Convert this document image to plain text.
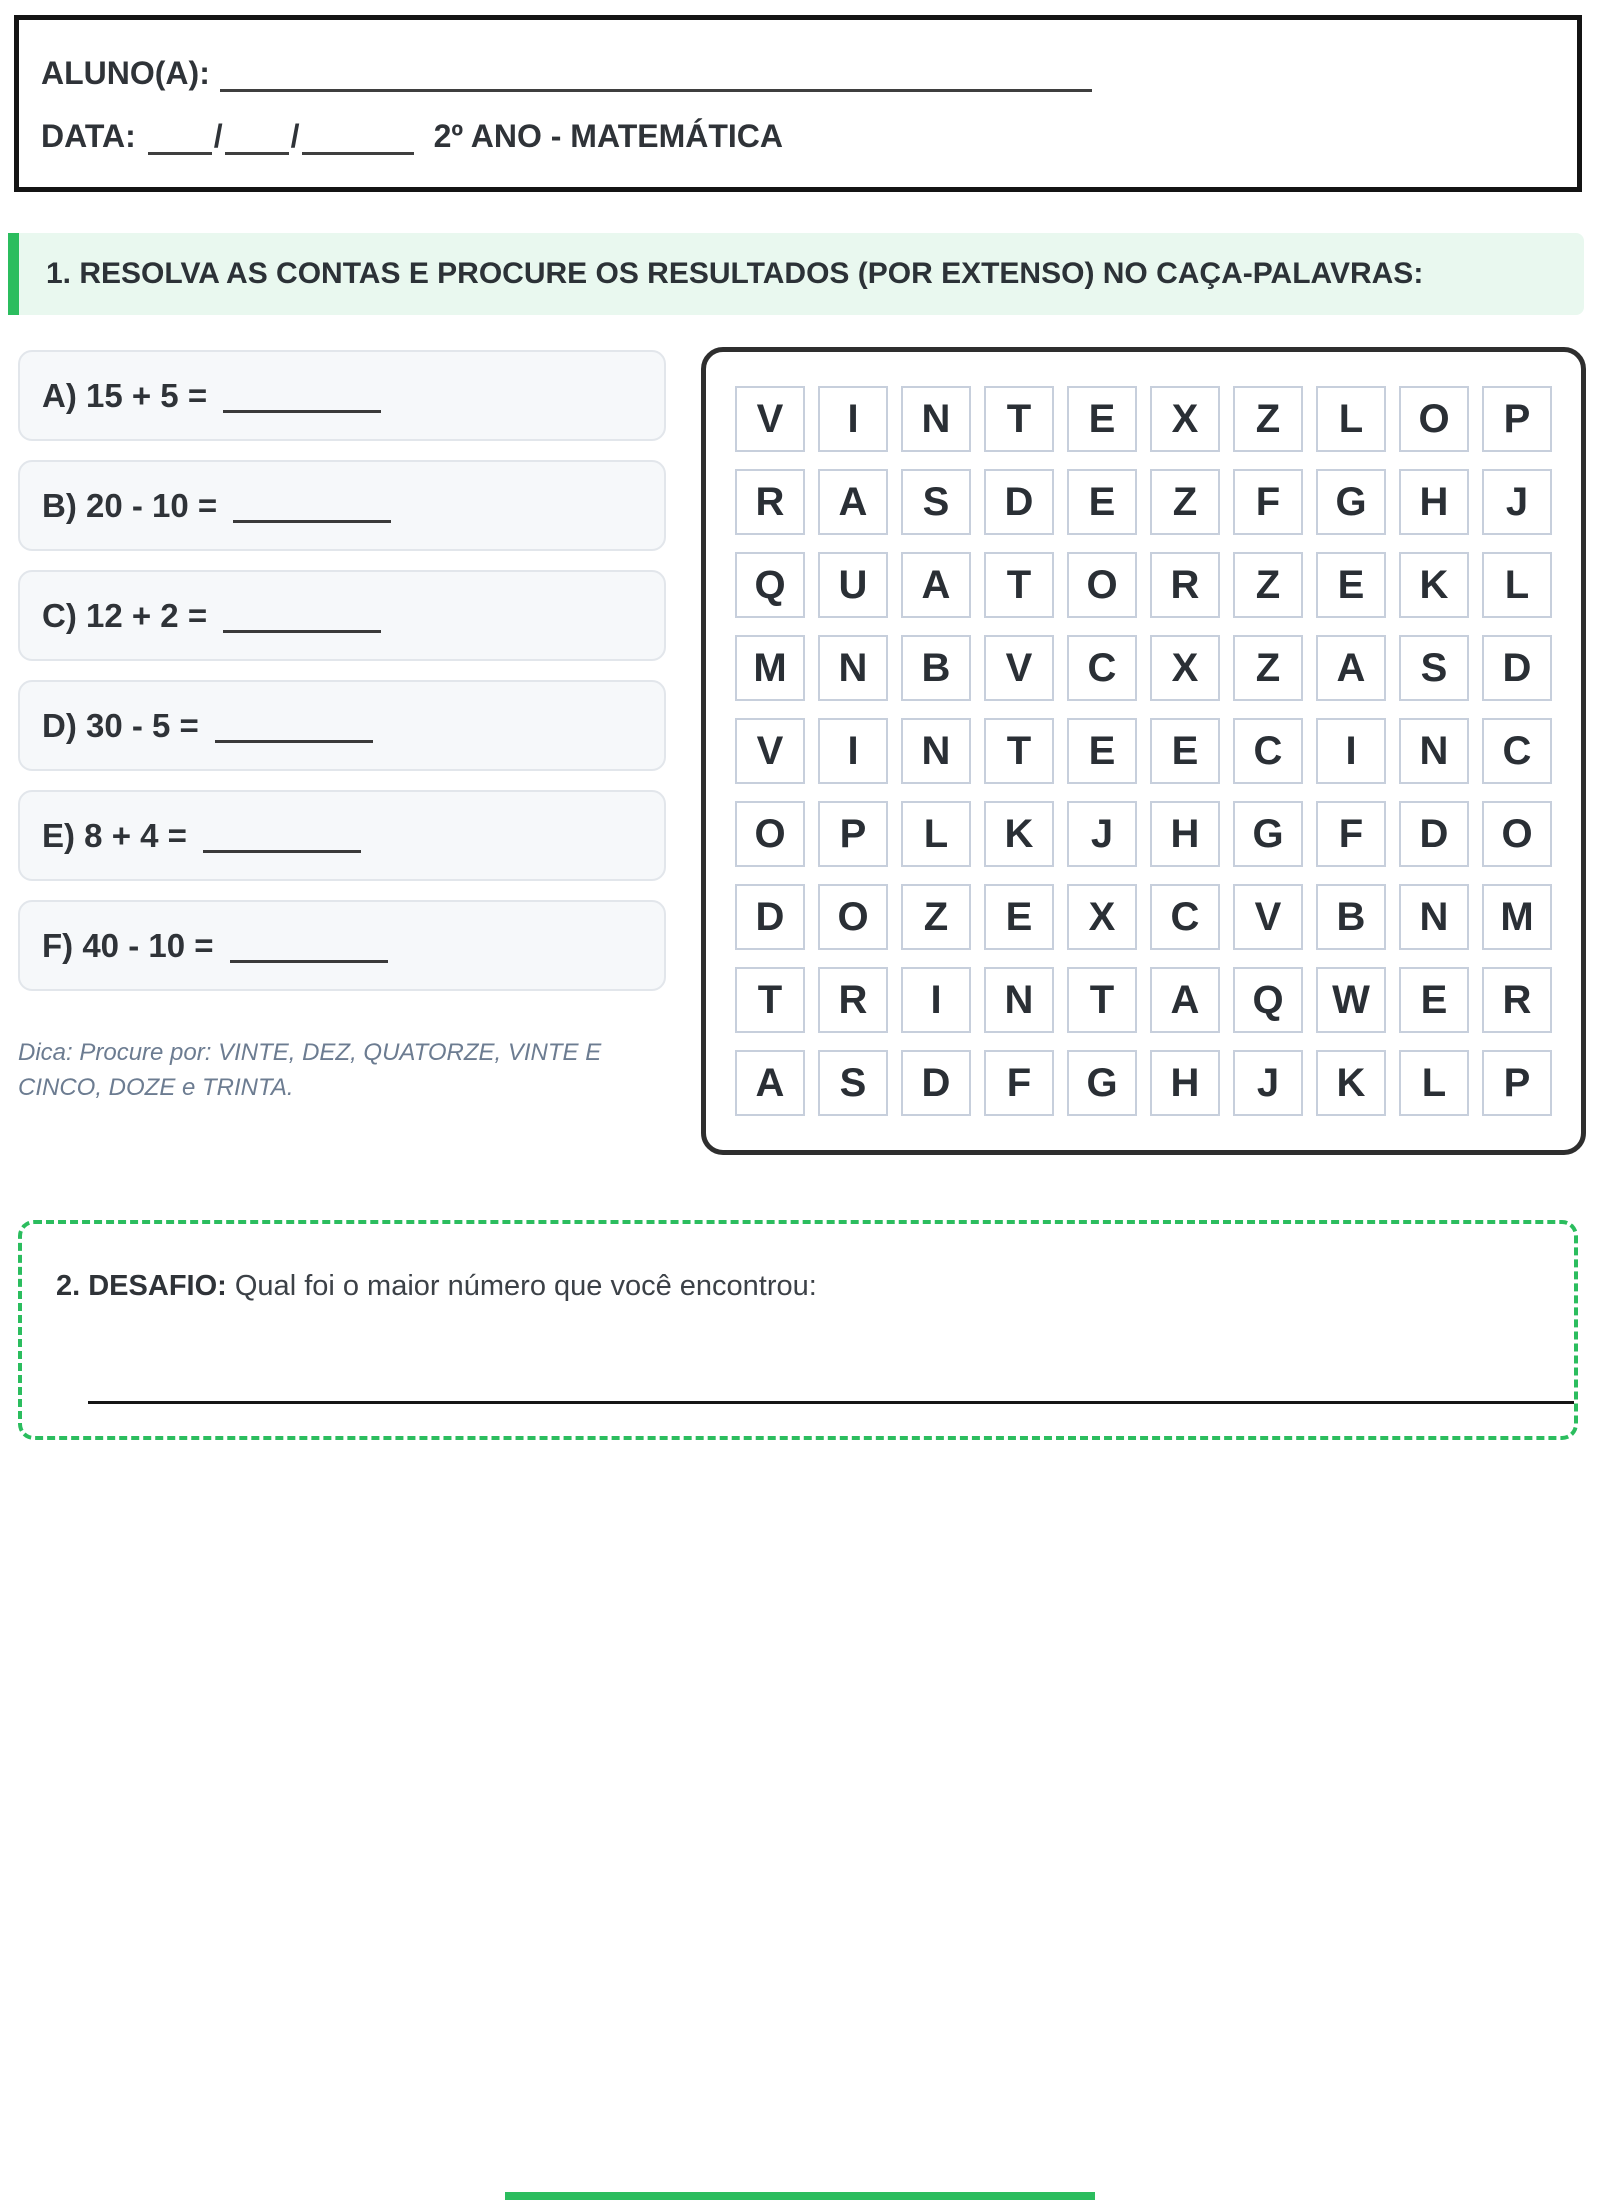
ALUNO(A):
DATA: / /	2º ANO - MATEMÁTICA
1. RESOLVA AS CONTAS E PROCURE OS RESULTADOS (POR EXTENSO) NO CAÇA-PALAVRAS:
A) 15 + 5 =
B) 20 - 10 =
C) 12 + 2 =
D) 30 - 5 =
E) 8 + 4 =
F) 40 - 10 =

Dica: Procure por: VINTE, DEZ, QUATORZE, VINTE E CINCO, DOZE e TRINTA.

V	I	N	T	E	X	Z	L	O	P
R	A	S	D	E	Z	F	G	H	J
Q	U	A	T	O	R	Z	E	K	L
M	N	B	V	C	X	Z	A	S	D
V	I	N	T	E	E	C	I	N	C
O	P	L	K	J	H	G	F	D	O
D	O	Z	E	X	C	V	B	N	M
T	R	I	N	T	A	Q	W	E	R
A	S	D	F	G	H	J	K	L	P

2. DESAFIO: Qual foi o maior número que você encontrou:
